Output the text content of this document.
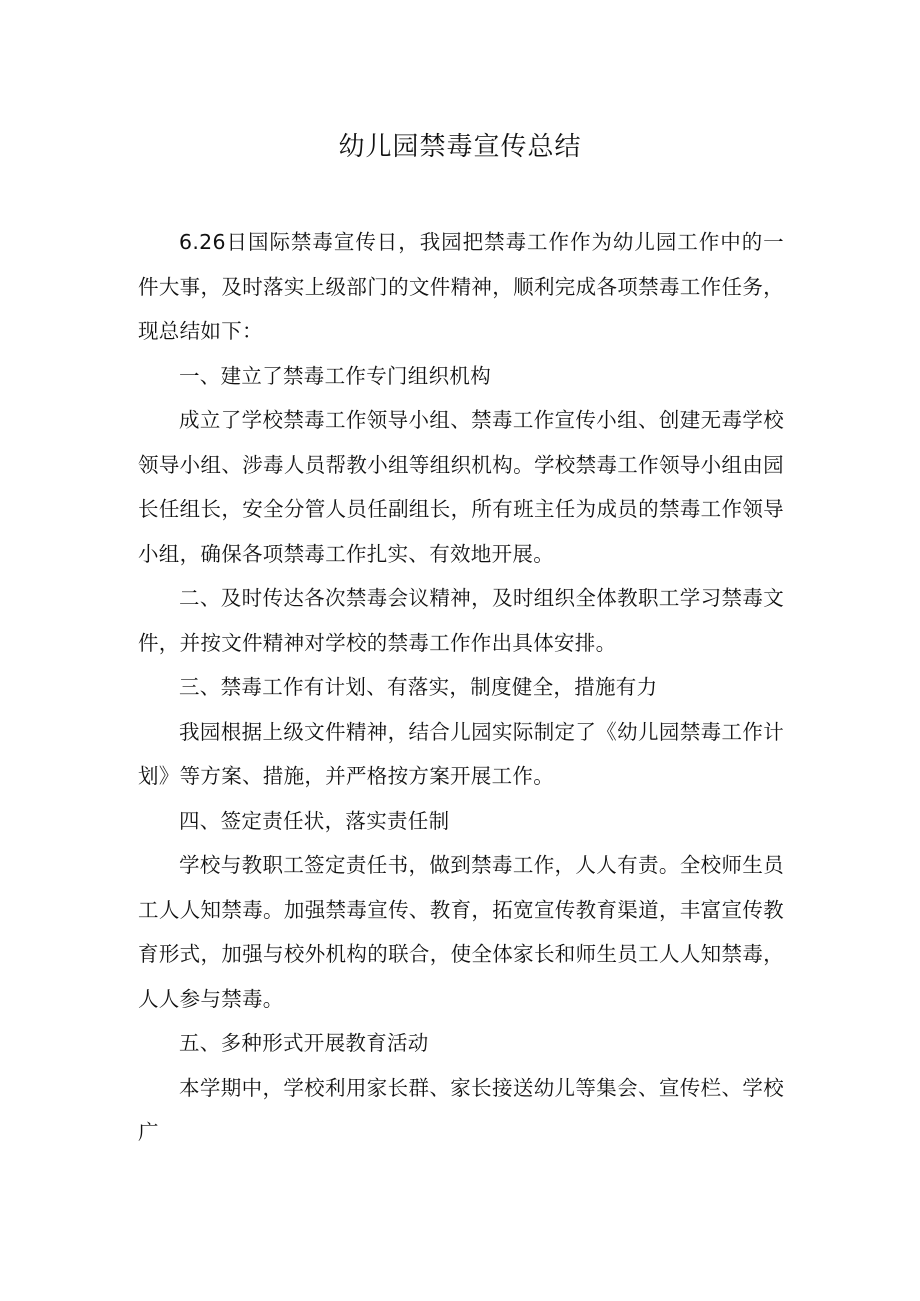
幼儿园禁毒宣传总结

6.26日国际禁毒宣传日，我园把禁毒工作作为幼儿园工作中的一件大事，及时落实上级部门的文件精神，顺利完成各项禁毒工作任务，现总结如下：

一、建立了禁毒工作专门组织机构

成立了学校禁毒工作领导小组、禁毒工作宣传小组、创建无毒学校领导小组、涉毒人员帮教小组等组织机构。学校禁毒工作领导小组由园长任组长，安全分管人员任副组长，所有班主任为成员的禁毒工作领导小组，确保各项禁毒工作扎实、有效地开展。

二、及时传达各次禁毒会议精神，及时组织全体教职工学习禁毒文件，并按文件精神对学校的禁毒工作作出具体安排。

三、禁毒工作有计划、有落实，制度健全，措施有力

我园根据上级文件精神，结合儿园实际制定了《幼儿园禁毒工作计划》等方案、措施，并严格按方案开展工作。

四、签定责任状，落实责任制

学校与教职工签定责任书，做到禁毒工作，人人有责。全校师生员工人人知禁毒。加强禁毒宣传、教育，拓宽宣传教育渠道，丰富宣传教育形式，加强与校外机构的联合，使全体家长和师生员工人人知禁毒，人人参与禁毒。

五、多种形式开展教育活动

本学期中，学校利用家长群、家长接送幼儿等集会、宣传栏、学校广
